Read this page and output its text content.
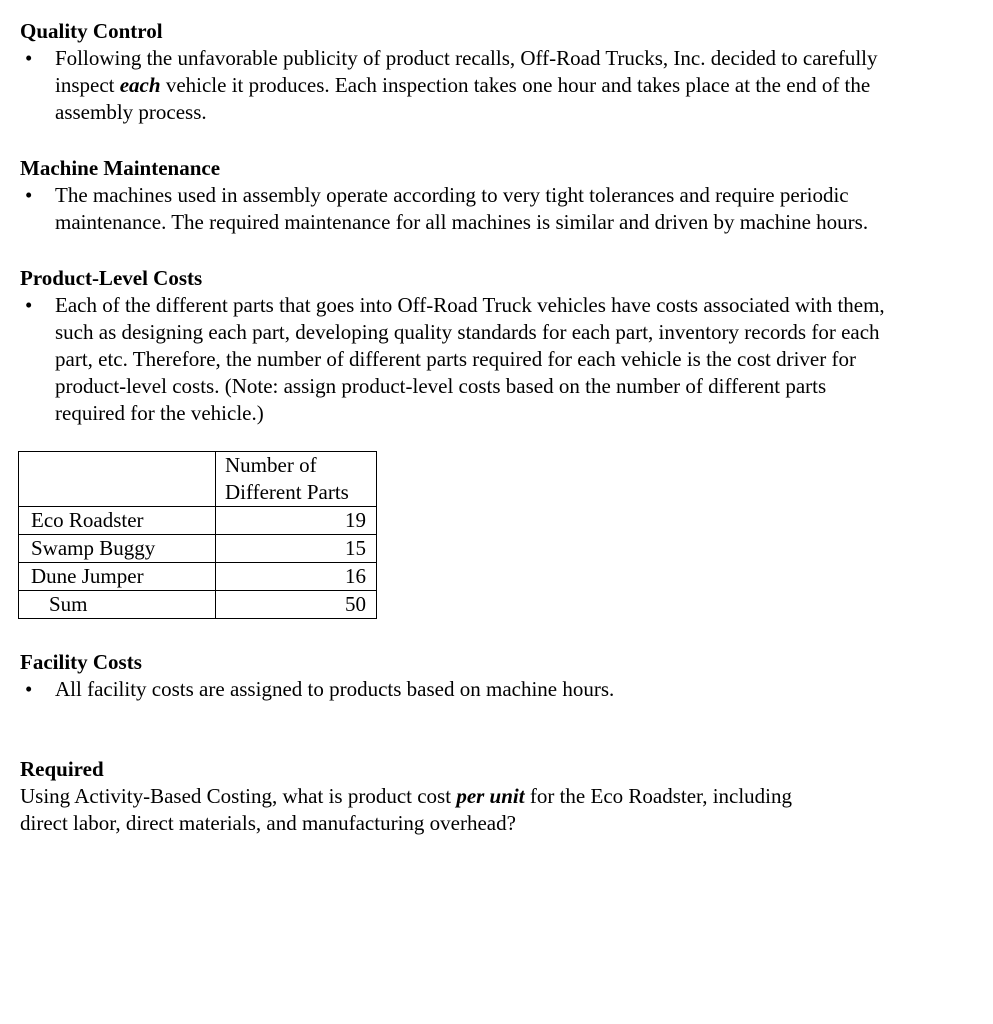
Quality Control

• Following the unfavorable publicity of product recalls, Off-Road Trucks, Inc. decided to carefully inspect each vehicle it produces. Each inspection takes one hour and takes place at the end of the assembly process.

Machine Maintenance

• The machines used in assembly operate according to very tight tolerances and require periodic maintenance. The required maintenance for all machines is similar and driven by machine hours.

Product-Level Costs

• Each of the different parts that goes into Off-Road Truck vehicles have costs associated with them, such as designing each part, developing quality standards for each part, inventory records for each part, etc. Therefore, the number of different parts required for each vehicle is the cost driver for product-level costs. (Note: assign product-level costs based on the number of different parts required for the vehicle.)

	Number of
Different Parts

Eco Roadster	19
Swamp Buggy	15
Dune Jumper	16
Sum	50

Facility Costs

• All facility costs are assigned to products based on machine hours.

Required

Using Activity-Based Costing, what is product cost per unit for the Eco Roadster, including direct labor, direct materials, and manufacturing overhead?
